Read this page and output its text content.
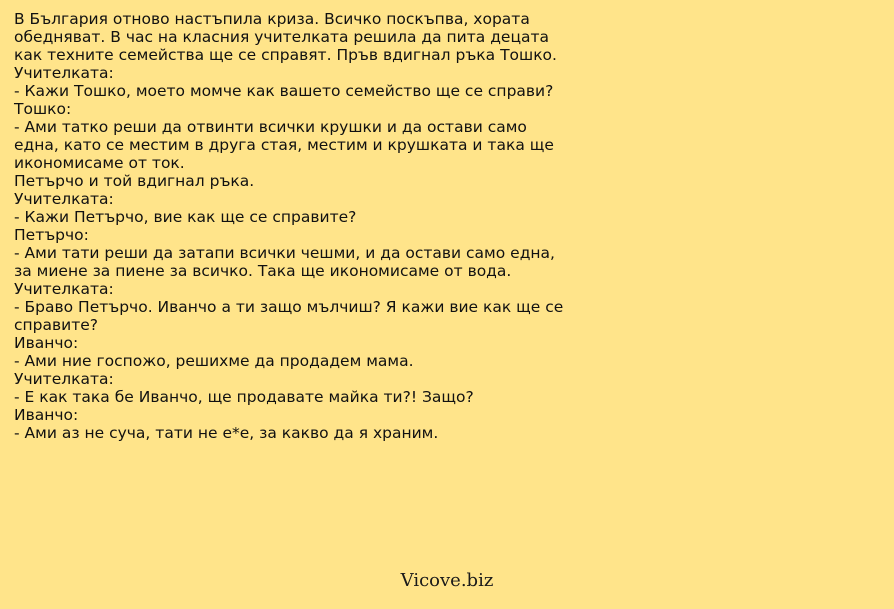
В България отново настъпила криза. Всичко поскъпва, хората
обедняват. В час на класния учителката решила да пита децата
как техните семейства ще се справят. Пръв вдигнал ръка Тошко.
Учителката:
- Кажи Тошко, моето момче как вашето семейство ще се справи?
Тошко:
- Ами татко реши да отвинти всички крушки и да остави само
една, като се местим в друга стая, местим и крушката и така ще
икономисаме от ток.
Петърчо и той вдигнал ръка.
Учителката:
- Кажи Петърчо, вие как ще се справите?
Петърчо:
- Ами тати реши да затапи всички чешми, и да остави само една,
за миене за пиене за всичко. Така ще икономисаме от вода.
Учителката:
- Браво Петърчо. Иванчо а ти защо мълчиш? Я кажи вие как ще се
справите?
Иванчо:
- Ами ние госпожо, решихме да продадем мама.
Учителката:
- Е как така бе Иванчо, ще продавате майка ти?! Защо?
Иванчо:
- Ами аз не суча, тати не е*е, за какво да я храним.
Vicove.biz
